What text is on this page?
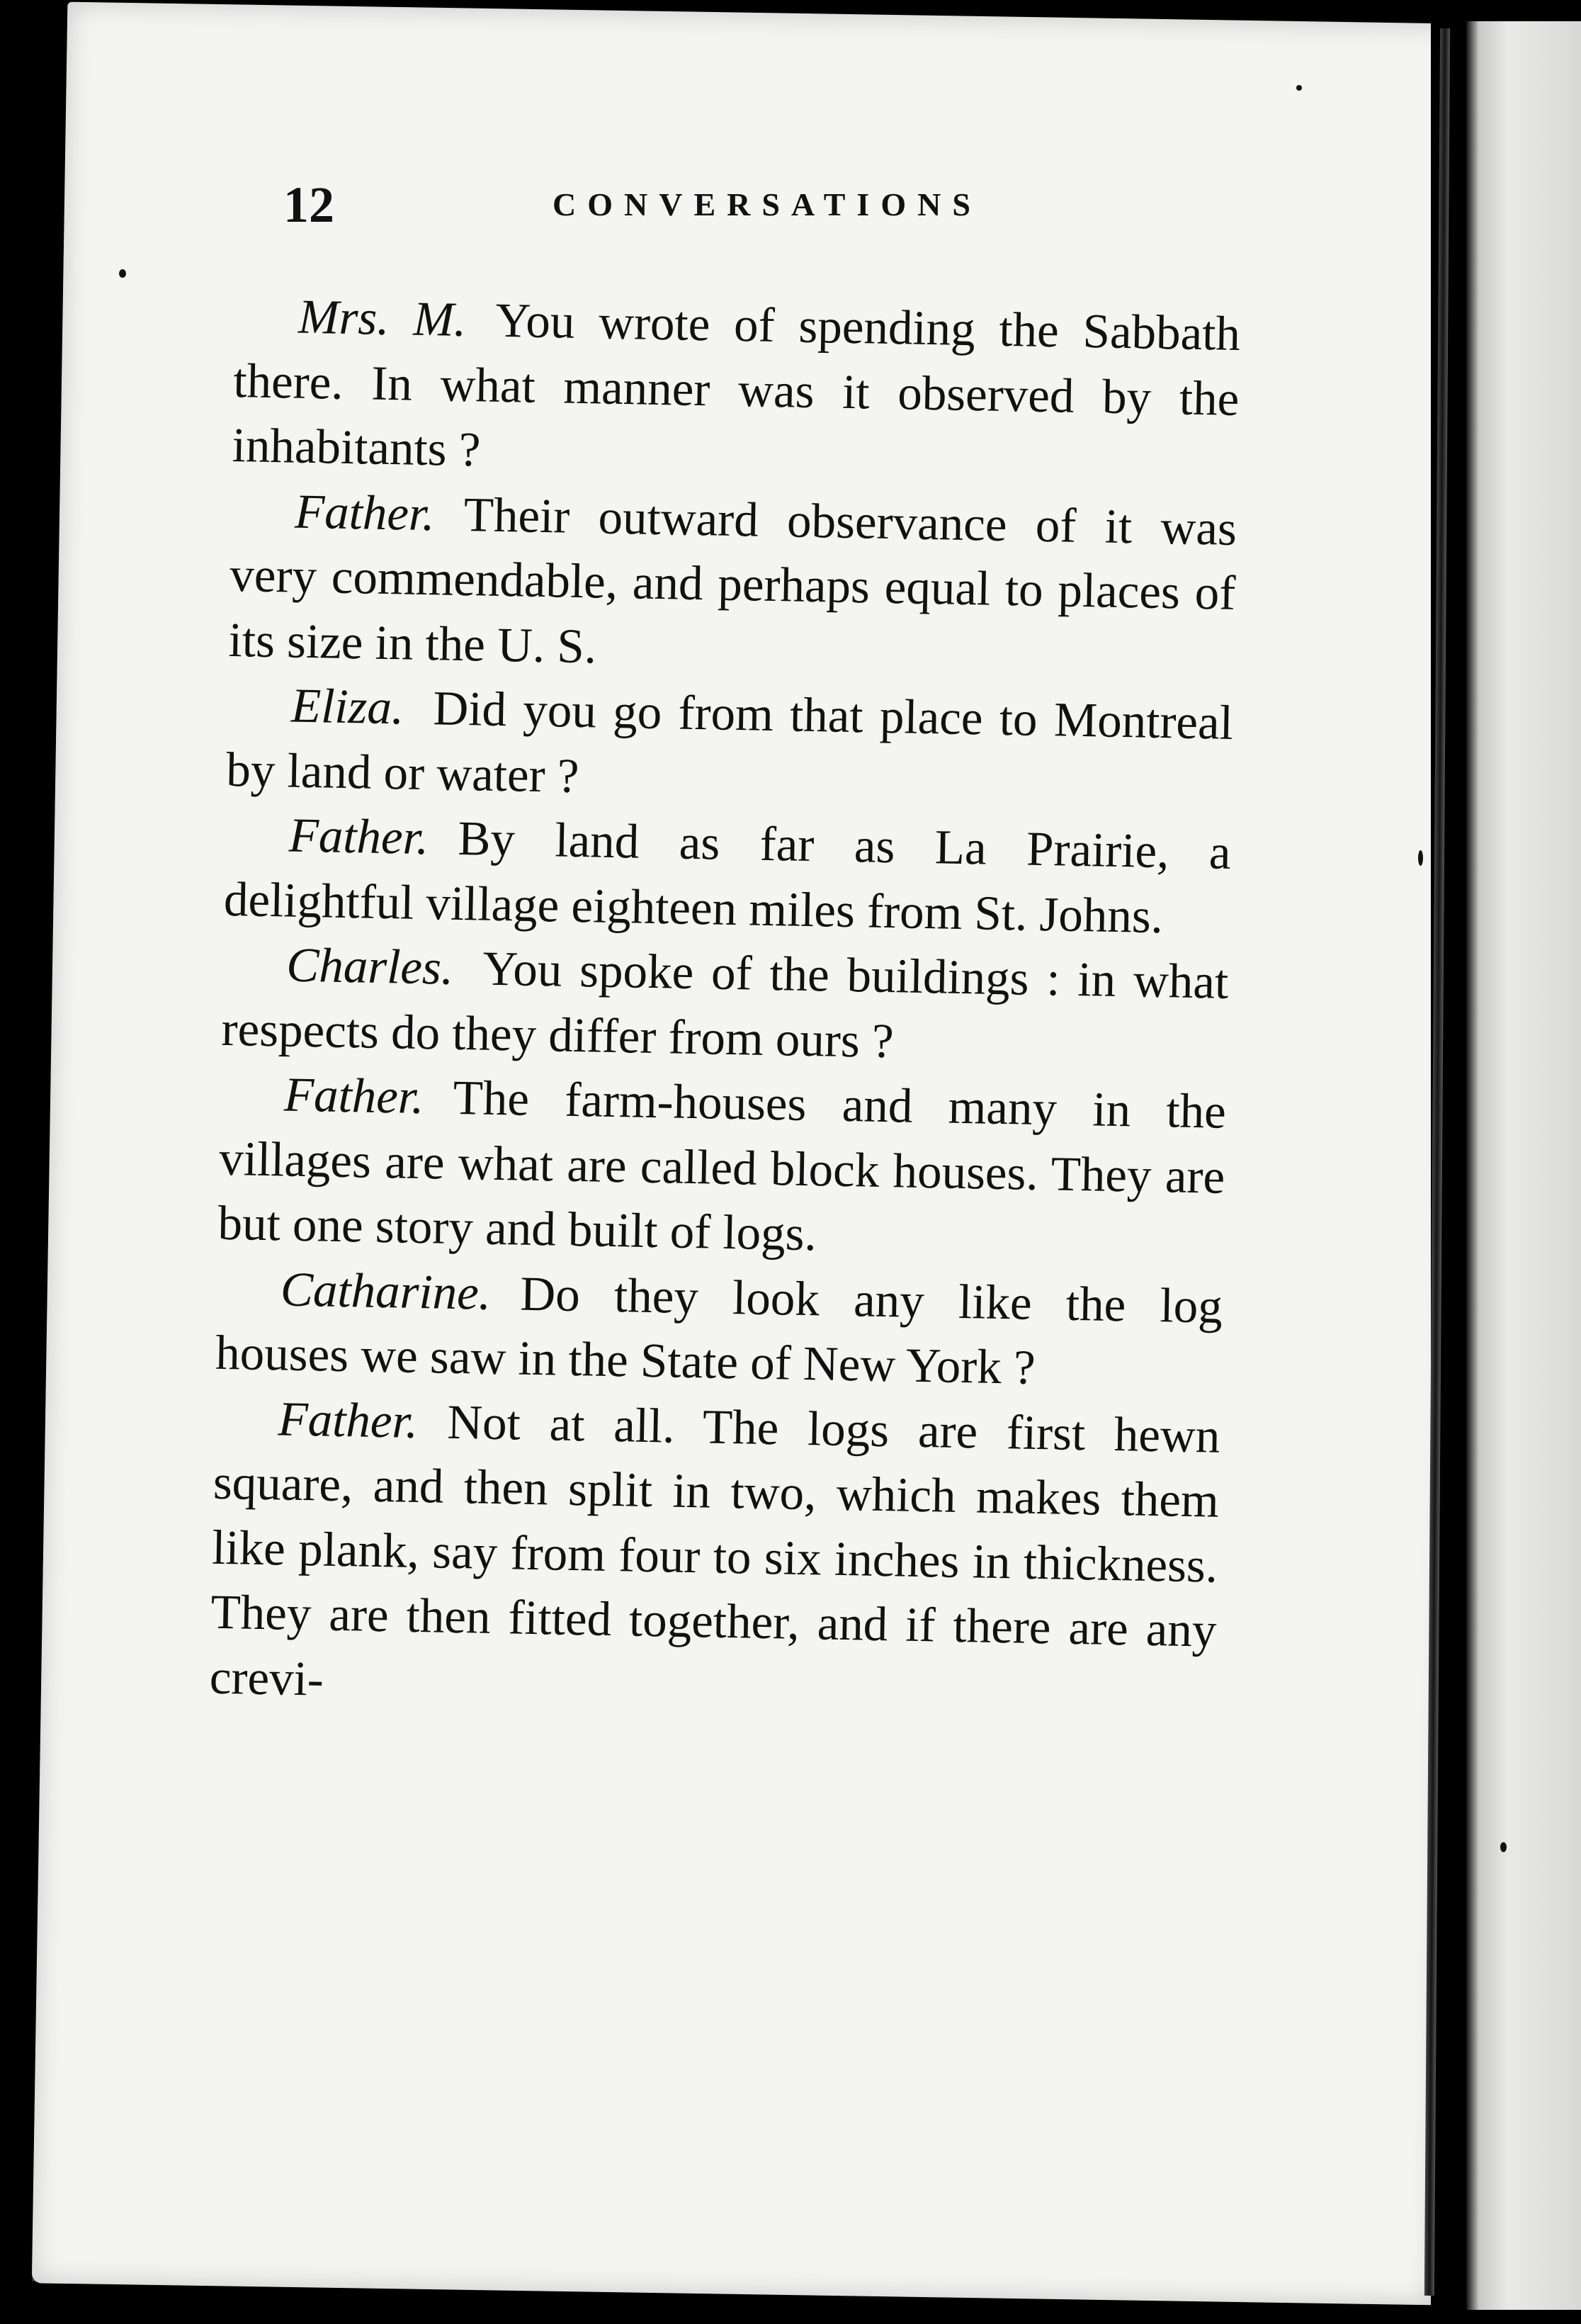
12	CONVERSATIONS

Mrs. M. You wrote of spending the Sabbath there. In what manner was it observed by the inhabitants ?

Father. Their outward observance of it was very commendable, and perhaps equal to places of its size in the U. S.

Eliza. Did you go from that place to Montreal by land or water ?

Father. By land as far as La Prairie, a delightful village eighteen miles from St. Johns.

Charles. You spoke of the buildings : in what respects do they differ from ours ?

Father. The farm-houses and many in the villages are what are called block houses. They are but one story and built of logs.

Catharine. Do they look any like the log houses we saw in the State of New York ?

Father. Not at all. The logs are first hewn square, and then split in two, which makes them like plank, say from four to six inches in thickness. They are then fitted together, and if there are any crevi-
